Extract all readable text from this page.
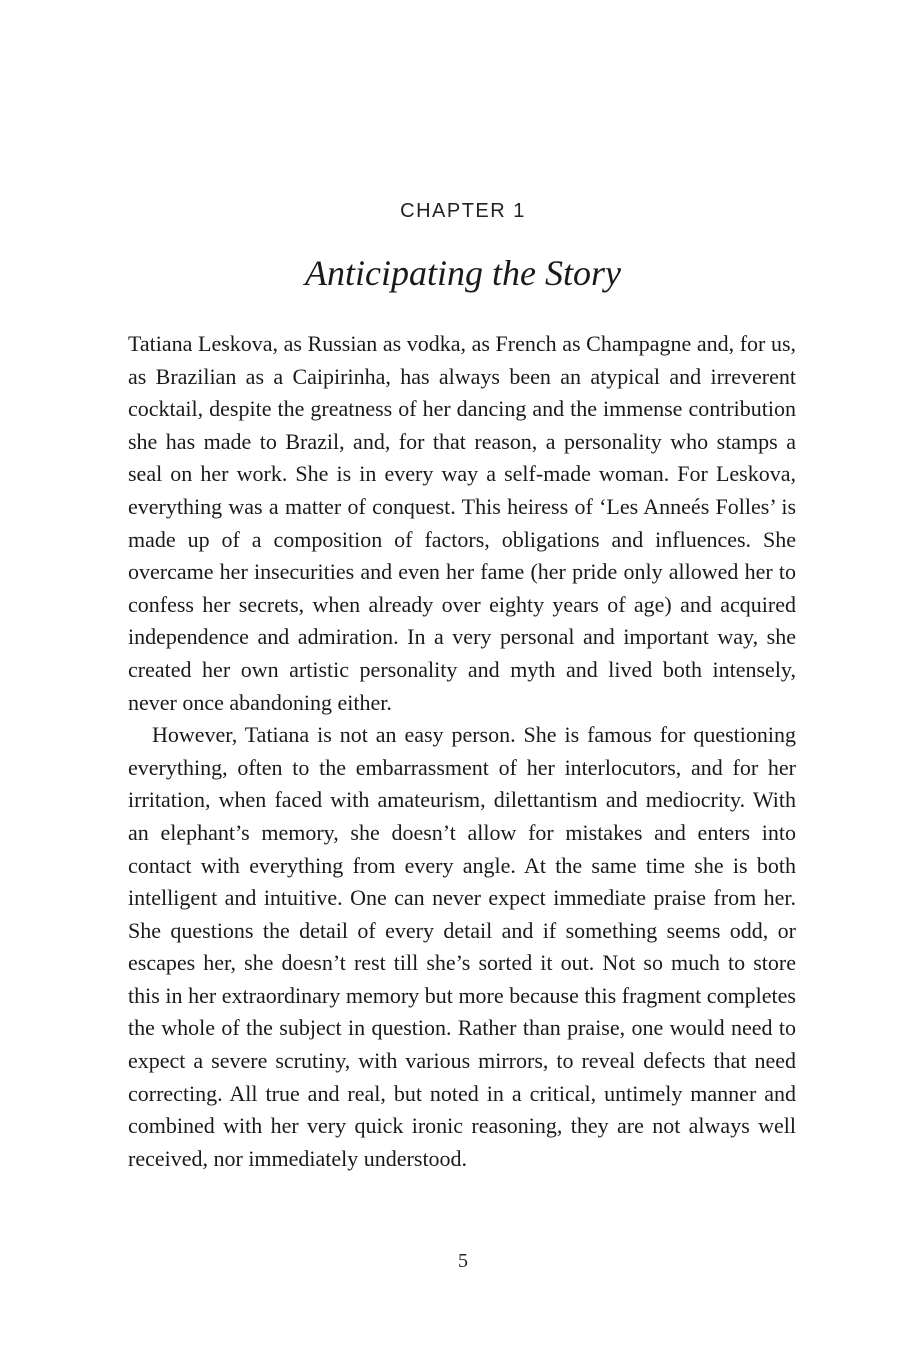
CHAPTER 1
Anticipating the Story

Tatiana Leskova, as Russian as vodka, as French as Champagne and, for us, as Brazilian as a Caipirinha, has always been an atypical and irreverent cocktail, despite the greatness of her dancing and the immense contribution she has made to Brazil, and, for that reason, a personality who stamps a seal on her work. She is in every way a self-made woman. For Leskova, everything was a matter of conquest. This heiress of ‘Les Anneés Folles’ is made up of a composition of factors, obligations and influences. She overcame her insecurities and even her fame (her pride only allowed her to confess her secrets, when already over eighty years of age) and acquired independence and admiration. In a very personal and important way, she created her own artistic personality and myth and lived both intensely, never once abandoning either.

However, Tatiana is not an easy person. She is famous for questioning everything, often to the embarrassment of her interlocutors, and for her irritation, when faced with amateurism, dilettantism and mediocrity. With an elephant’s memory, she doesn’t allow for mistakes and enters into contact with everything from every angle. At the same time she is both intelligent and intuitive. One can never expect immediate praise from her. She questions the detail of every detail and if something seems odd, or escapes her, she doesn’t rest till she’s sorted it out. Not so much to store this in her extraordinary memory but more because this fragment completes the whole of the subject in question. Rather than praise, one would need to expect a severe scrutiny, with various mirrors, to reveal defects that need correcting. All true and real, but noted in a critical, untimely manner and combined with her very quick ironic reasoning, they are not always well received, nor immediately understood.

5
